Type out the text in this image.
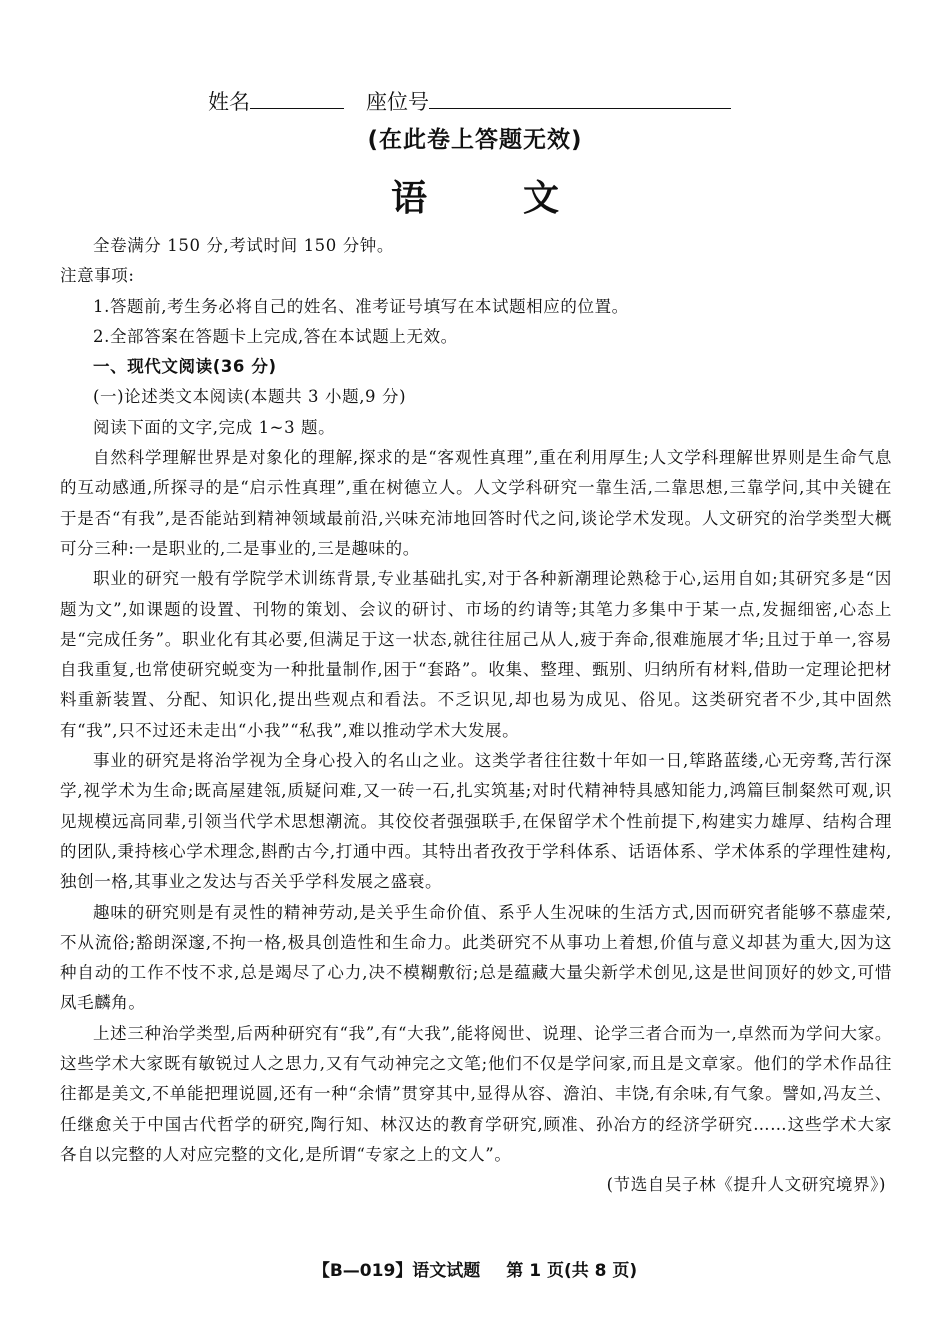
姓名	座位号
(在此卷上答题无效)
语文

全卷满分 150 分,考试时间 150 分钟。

注意事项:

1.答题前,考生务必将自己的姓名、准考证号填写在本试题相应的位置。

2.全部答案在答题卡上完成,答在本试题上无效。

一、现代文阅读(36 分)

(一)论述类文本阅读(本题共 3 小题,9 分)

阅读下面的文字,完成 1~3 题。

自然科学理解世界是对象化的理解,探求的是“客观性真理”,重在利用厚生;人文学科理解世界则是生命气息的互动感通,所探寻的是“启示性真理”,重在树德立人。人文学科研究一靠生活,二靠思想,三靠学问,其中关键在于是否“有我”,是否能站到精神领域最前沿,兴味充沛地回答时代之问,谈论学术发现。人文研究的治学类型大概可分三种:一是职业的,二是事业的,三是趣味的。

职业的研究一般有学院学术训练背景,专业基础扎实,对于各种新潮理论熟稔于心,运用自如;其研究多是“因题为文”,如课题的设置、刊物的策划、会议的研讨、市场的约请等;其笔力多集中于某一点,发掘细密,心态上是“完成任务”。职业化有其必要,但满足于这一状态,就往往屈己从人,疲于奔命,很难施展才华;且过于单一,容易自我重复,也常使研究蜕变为一种批量制作,困于“套路”。收集、整理、甄别、归纳所有材料,借助一定理论把材料重新装置、分配、知识化,提出些观点和看法。不乏识见,却也易为成见、俗见。这类研究者不少,其中固然有“我”,只不过还未走出“小我”“私我”,难以推动学术大发展。

事业的研究是将治学视为全身心投入的名山之业。这类学者往往数十年如一日,筚路蓝缕,心无旁骛,苦行深学,视学术为生命;既高屋建瓴,质疑问难,又一砖一石,扎实筑基;对时代精神特具感知能力,鸿篇巨制粲然可观,识见规模远高同辈,引领当代学术思想潮流。其佼佼者强强联手,在保留学术个性前提下,构建实力雄厚、结构合理的团队,秉持核心学术理念,斟酌古今,打通中西。其特出者孜孜于学科体系、话语体系、学术体系的学理性建构,独创一格,其事业之发达与否关乎学科发展之盛衰。

趣味的研究则是有灵性的精神劳动,是关乎生命价值、系乎人生况味的生活方式,因而研究者能够不慕虚荣,不从流俗;豁朗深邃,不拘一格,极具创造性和生命力。此类研究不从事功上着想,价值与意义却甚为重大,因为这种自动的工作不忮不求,总是竭尽了心力,决不模糊敷衍;总是蕴藏大量尖新学术创见,这是世间顶好的妙文,可惜凤毛麟角。

上述三种治学类型,后两种研究有“我”,有“大我”,能将阅世、说理、论学三者合而为一,卓然而为学问大家。这些学术大家既有敏锐过人之思力,又有气动神完之文笔;他们不仅是学问家,而且是文章家。他们的学术作品往往都是美文,不单能把理说圆,还有一种“余情”贯穿其中,显得从容、澹泊、丰饶,有余味,有气象。譬如,冯友兰、任继愈关于中国古代哲学的研究,陶行知、林汉达的教育学研究,顾准、孙冶方的经济学研究……这些学术大家各自以完整的人对应完整的文化,是所谓“专家之上的文人”。

(节选自吴子林《提升人文研究境界》)

【B—019】语文试题 第 1 页(共 8 页)
